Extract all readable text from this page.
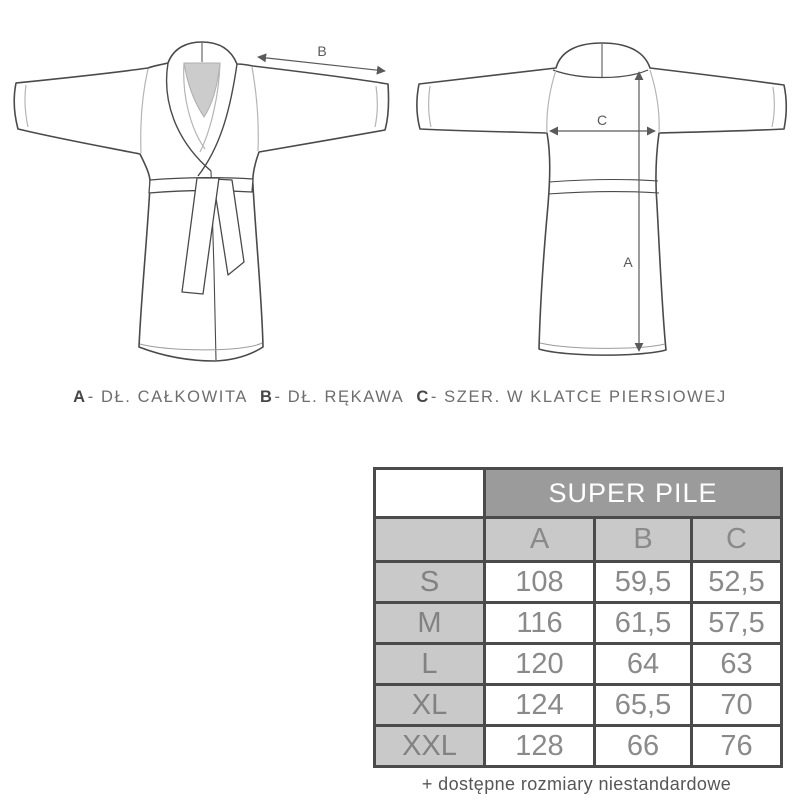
B
C
A
A - DŁ. CAŁKOWITA B - DŁ. RĘKAWA C - SZER. W KLATCE PIERSIOWEJ
	SUPER PILE		
	A	B	C
S	108	59,5	52,5
M	116	61,5	57,5
L	120	64	63
XL	124	65,5	70
XXL	128	66	76
+ dostępne rozmiary niestandardowe
